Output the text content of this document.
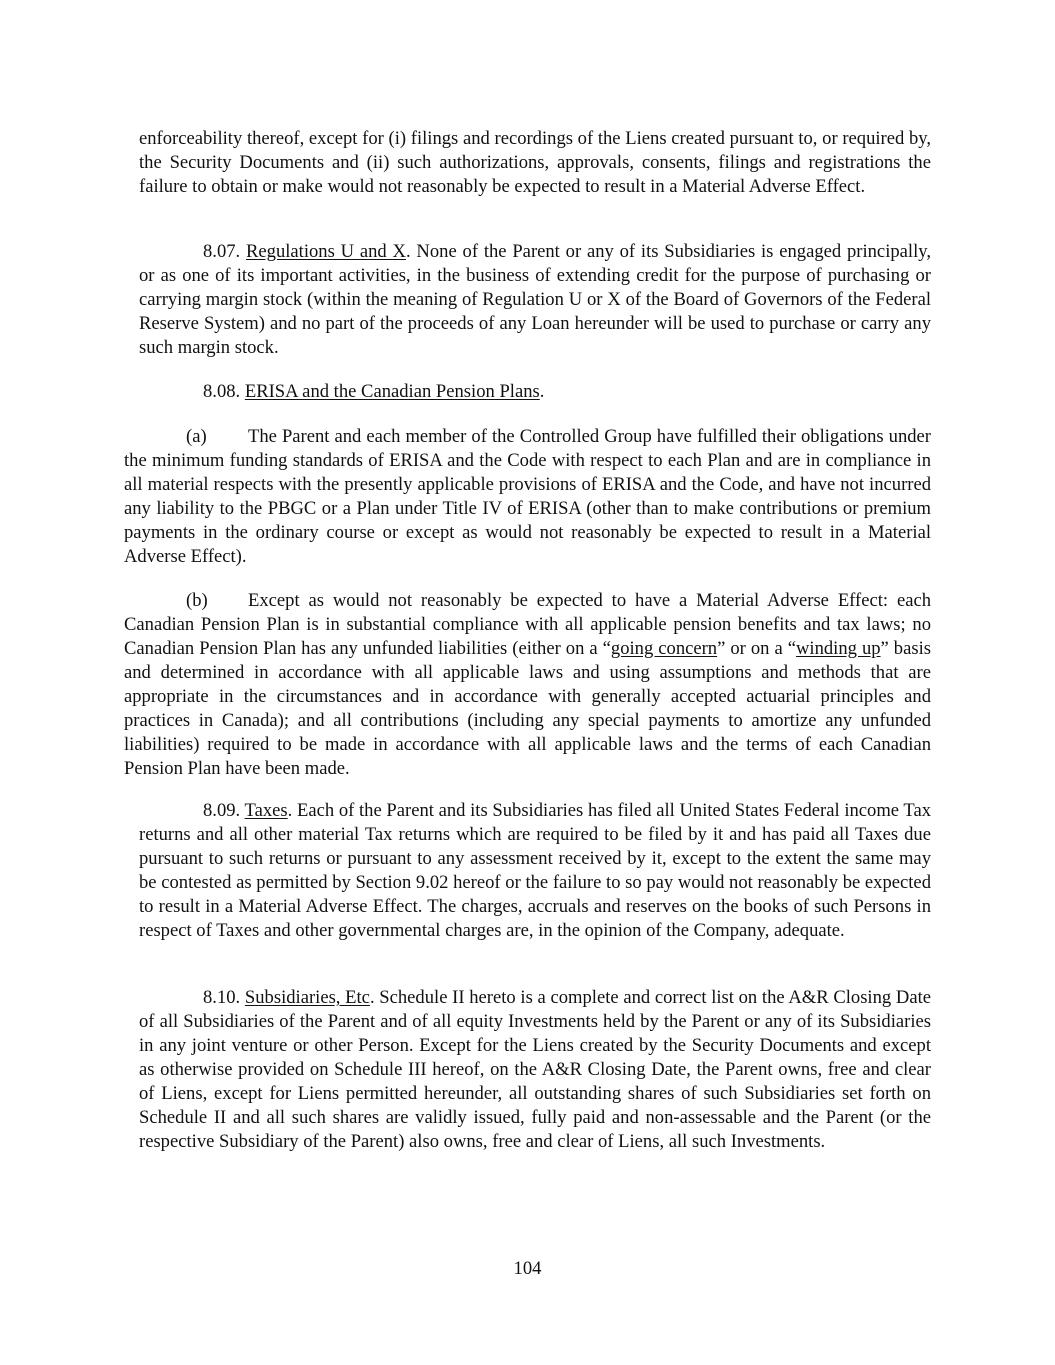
enforceability thereof, except for (i) filings and recordings of the Liens created pursuant to, or required by, the Security Documents and (ii) such authorizations, approvals, consents, filings and registrations the failure to obtain or make would not reasonably be expected to result in a Material Adverse Effect.

8.07. Regulations U and X. None of the Parent or any of its Subsidiaries is engaged principally, or as one of its important activities, in the business of extending credit for the purpose of purchasing or carrying margin stock (within the meaning of Regulation U or X of the Board of Governors of the Federal Reserve System) and no part of the proceeds of any Loan hereunder will be used to purchase or carry any such margin stock.

8.08. ERISA and the Canadian Pension Plans.

(a) The Parent and each member of the Controlled Group have fulfilled their obligations under the minimum funding standards of ERISA and the Code with respect to each Plan and are in compliance in all material respects with the presently applicable provisions of ERISA and the Code, and have not incurred any liability to the PBGC or a Plan under Title IV of ERISA (other than to make contributions or premium payments in the ordinary course or except as would not reasonably be expected to result in a Material Adverse Effect).

(b) Except as would not reasonably be expected to have a Material Adverse Effect: each Canadian Pension Plan is in substantial compliance with all applicable pension benefits and tax laws; no Canadian Pension Plan has any unfunded liabilities (either on a “going concern” or on a “winding up” basis and determined in accordance with all applicable laws and using assumptions and methods that are appropriate in the circumstances and in accordance with generally accepted actuarial principles and practices in Canada); and all contributions (including any special payments to amortize any unfunded liabilities) required to be made in accordance with all applicable laws and the terms of each Canadian Pension Plan have been made.

8.09. Taxes. Each of the Parent and its Subsidiaries has filed all United States Federal income Tax returns and all other material Tax returns which are required to be filed by it and has paid all Taxes due pursuant to such returns or pursuant to any assessment received by it, except to the extent the same may be contested as permitted by Section 9.02 hereof or the failure to so pay would not reasonably be expected to result in a Material Adverse Effect. The charges, accruals and reserves on the books of such Persons in respect of Taxes and other governmental charges are, in the opinion of the Company, adequate.

8.10. Subsidiaries, Etc. Schedule II hereto is a complete and correct list on the A&R Closing Date of all Subsidiaries of the Parent and of all equity Investments held by the Parent or any of its Subsidiaries in any joint venture or other Person. Except for the Liens created by the Security Documents and except as otherwise provided on Schedule III hereof, on the A&R Closing Date, the Parent owns, free and clear of Liens, except for Liens permitted hereunder, all outstanding shares of such Subsidiaries set forth on Schedule II and all such shares are validly issued, fully paid and non-assessable and the Parent (or the respective Subsidiary of the Parent) also owns, free and clear of Liens, all such Investments.

104
